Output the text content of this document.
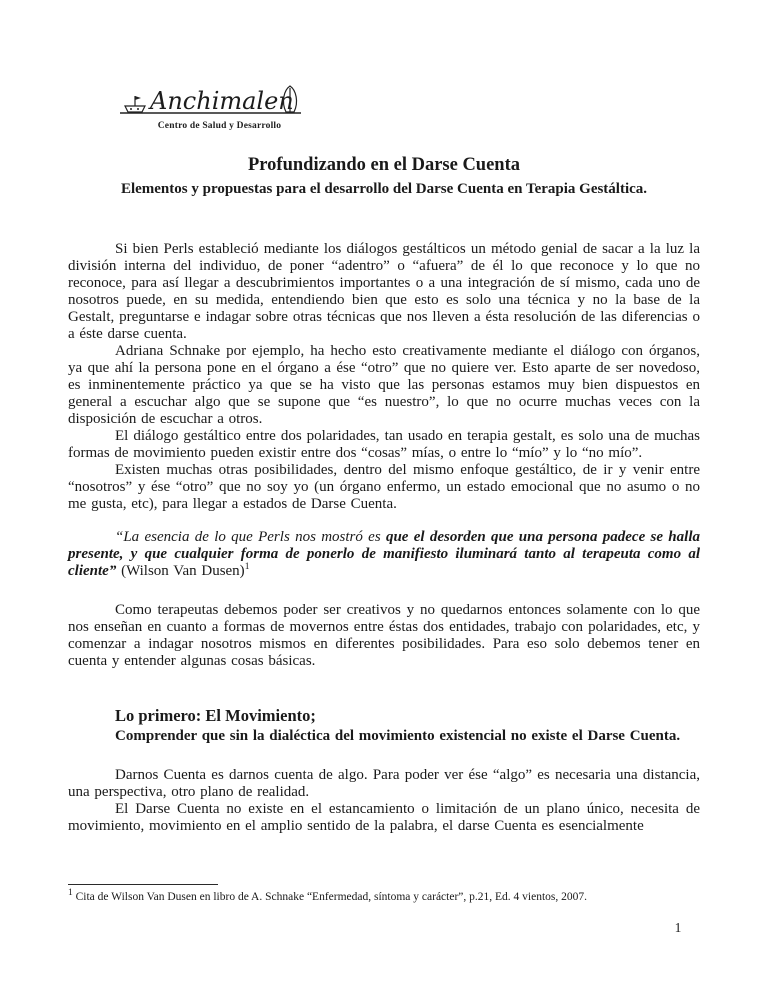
Anchimalen
Centro de Salud y Desarrollo
Profundizando en el Darse Cuenta
Elementos y propuestas para el desarrollo del Darse Cuenta en Terapia Gestáltica.

Si bien Perls estableció mediante los diálogos gestálticos un método genial de sacar a la luz la división interna del individuo, de poner “adentro” o “afuera” de él lo que reconoce y lo que no reconoce, para así llegar a descubrimientos importantes o a una integración de sí mismo, cada uno de nosotros puede, en su medida, entendiendo bien que esto es solo una técnica y no la base de la Gestalt, preguntarse e indagar sobre otras técnicas que nos lleven a ésta resolución de las diferencias o a éste darse cuenta.

Adriana Schnake por ejemplo, ha hecho esto creativamente mediante el diálogo con órganos, ya que ahí la persona pone en el órgano a ése “otro” que no quiere ver. Esto aparte de ser novedoso, es inminentemente práctico ya que se ha visto que las personas estamos muy bien dispuestos en general a escuchar algo que se supone que “es nuestro”, lo que no ocurre muchas veces con la disposición de escuchar a otros.

El diálogo gestáltico entre dos polaridades, tan usado en terapia gestalt, es solo una de muchas formas de movimiento pueden existir entre dos “cosas” mías, o entre lo “mío” y lo “no mío”.

Existen muchas otras posibilidades, dentro del mismo enfoque gestáltico, de ir y venir entre “nosotros” y ése “otro” que no soy yo (un órgano enfermo, un estado emocional que no asumo o no me gusta, etc), para llegar a estados de Darse Cuenta.

“La esencia de lo que Perls nos mostró es que el desorden que una persona padece se halla presente, y que cualquier forma de ponerlo de manifiesto iluminará tanto al terapeuta como al cliente” (Wilson Van Dusen)$^1$

Como terapeutas debemos poder ser creativos y no quedarnos entonces solamente con lo que nos enseñan en cuanto a formas de movernos entre éstas dos entidades, trabajo con polaridades, etc, y comenzar a indagar nosotros mismos en diferentes posibilidades. Para eso solo debemos tener en cuenta y entender algunas cosas básicas.

Lo primero: El Movimiento;

Comprender que sin la dialéctica del movimiento existencial no existe el Darse Cuenta.

Darnos Cuenta es darnos cuenta de algo. Para poder ver ése “algo” es necesaria una distancia, una perspectiva, otro plano de realidad.

El Darse Cuenta no existe en el estancamiento o limitación de un plano único, necesita de movimiento, movimiento en el amplio sentido de la palabra, el darse Cuenta es esencialmente

$^1$ Cita de Wilson Van Dusen en libro de A. Schnake “Enfermedad, síntoma y carácter”, p.21, Ed. 4 vientos, 2007.
1
